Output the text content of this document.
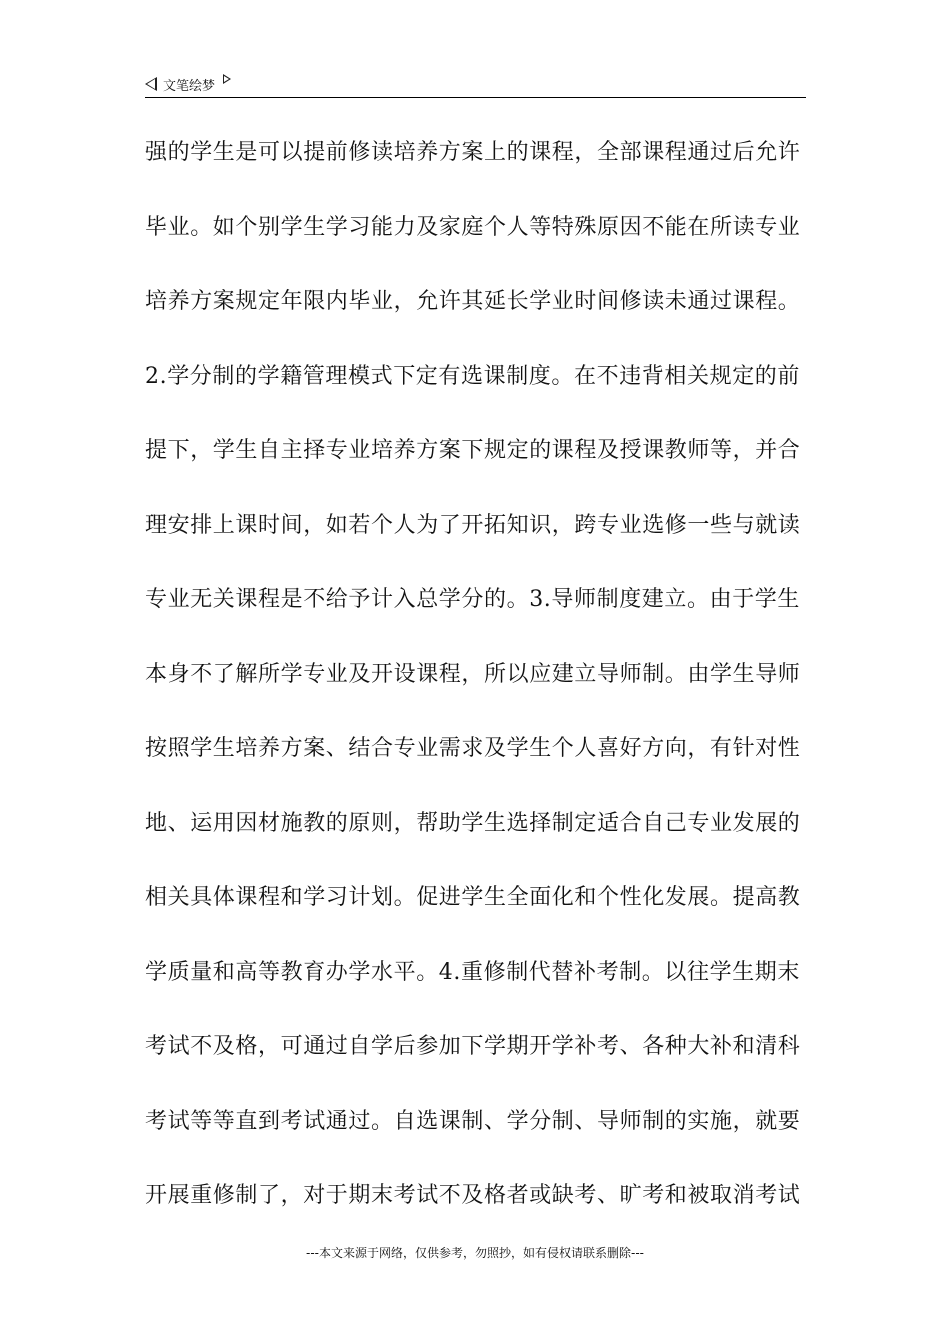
文笔绘梦
强的学生是可以提前修读培养方案上的课程，全部课程通过后允许
毕业。如个别学生学习能力及家庭个人等特殊原因不能在所读专业
培养方案规定年限内毕业，允许其延长学业时间修读未通过课程。
2.学分制的学籍管理模式下定有选课制度。在不违背相关规定的前
提下，学生自主择专业培养方案下规定的课程及授课教师等，并合
理安排上课时间，如若个人为了开拓知识，跨专业选修一些与就读
专业无关课程是不给予计入总学分的。3.导师制度建立。由于学生
本身不了解所学专业及开设课程，所以应建立导师制。由学生导师
按照学生培养方案、结合专业需求及学生个人喜好方向，有针对性
地、运用因材施教的原则，帮助学生选择制定适合自己专业发展的
相关具体课程和学习计划。促进学生全面化和个性化发展。提高教
学质量和高等教育办学水平。4.重修制代替补考制。以往学生期末
考试不及格，可通过自学后参加下学期开学补考、各种大补和清科
考试等等直到考试通过。自选课制、学分制、导师制的实施，就要
开展重修制了，对于期末考试不及格者或缺考、旷考和被取消考试
---本文来源于网络，仅供参考，勿照抄，如有侵权请联系删除---
